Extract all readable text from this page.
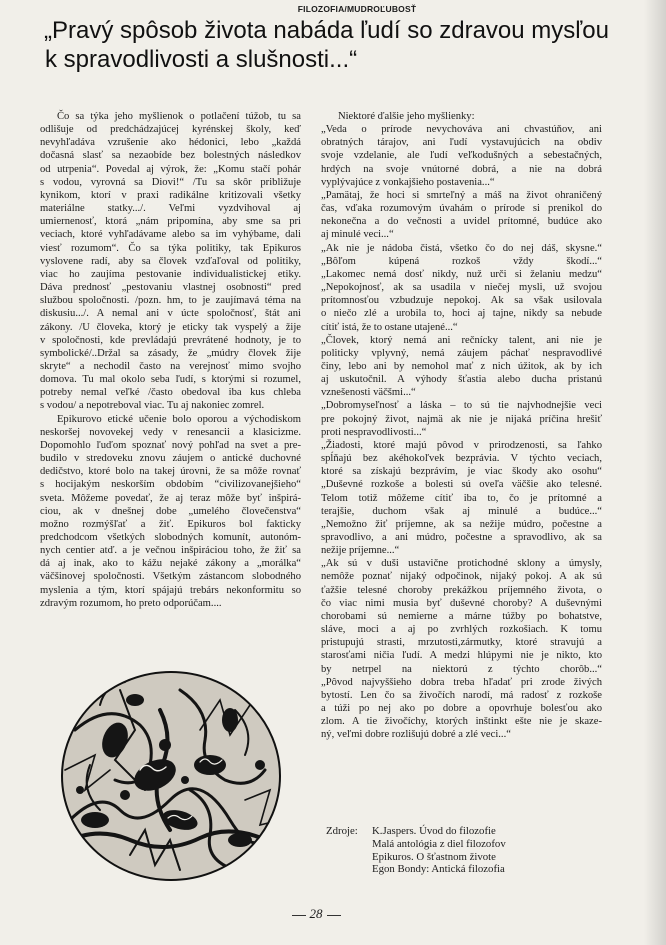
FILOZOFIA/MUDROĽUBOSŤ
„Pravý spôsob života nabáda ľudí so zdravou mysľou
k spravodlivosti a slušnosti...“

Čo sa týka jeho myšlienok o potlačení túžob, tu sa
odlišuje od predchádzajúcej kyrénskej školy, keď
nevyhľadáva vzrušenie ako hédonici, lebo „každá
dočasná slasť sa nezaobíde bez bolestných následkov
od utrpenia“. Povedal aj výrok, že: „Komu stačí pohár
s vodou, vyrovná sa Diovi!“ /Tu sa skôr približuje
kynikom, ktorí v praxi radikálne kritizovali všetky
materiálne statky.../. Veľmi vyzdvihoval aj
umiernenosť, ktorá „nám pripomína, aby sme sa pri
veciach, ktoré vyhľadávame alebo sa im vyhýbame, dali
viesť rozumom“. Čo sa týka politiky, tak Epikuros
vyslovene radí, aby sa človek vzďaľoval od politiky,
viac ho zaujíma pestovanie individualistickej etiky.
Dáva prednosť „pestovaniu vlastnej osobnosti“ pred
službou spoločnosti. /pozn. hm, to je zaujímavá téma na
diskusiu.../. A nemal ani v úcte spoločnosť, štát ani
zákony. /U človeka, ktorý je eticky tak vyspelý a žije
v spoločnosti, kde prevládajú prevrátené hodnoty, je to
symbolické/..Držal sa zásady, že „múdry človek žije
skryte“ a nechodil často na verejnosť mimo svojho
domova. Tu mal okolo seba ľudí, s ktorými si rozumel,
potreby nemal veľké /často obedoval iba kus chleba
s vodou/ a nepotreboval viac. Tu aj nakoniec zomrel.

Epikurovo etické učenie bolo oporou a východiskom
neskoršej novovekej vedy v renesancii a klasicizme.
Dopomohlo ľuďom spoznať nový pohľad na svet a pre-
budilo v stredoveku znovu záujem o antické duchovné
dedičstvo, ktoré bolo na takej úrovni, že sa môže rovnať
s hocijakým neskorším obdobím “civilizovanejšieho“
sveta. Môžeme povedať, že aj teraz môže byť inšpirá-
ciou, ak v dnešnej dobe „umelého človečenstva“
možno rozmýšľať a žiť. Epikuros bol fakticky
predchodcom všetkých slobodných komunít, autonóm-
nych centier atď. a je večnou inšpiráciou toho, že žiť sa
dá aj inak, ako to kážu nejaké zákony a „morálka“
väčšinovej spoločnosti. Všetkým zástancom slobodného
myslenia a tým, ktorí spájajú trebárs nekonformitu so
zdravým rozumom, ho preto odporúčam....

Niektoré ďalšie jeho myšlienky:

„Veda o prírode nevychováva ani chvastúňov, ani
obratných tárajov, ani ľudí vystavujúcich na obdiv
svoje vzdelanie, ale ľudí veľkodušných a sebestačných,
hrdých na svoje vnútorné dobrá, a nie na dobrá
vyplývajúce z vonkajšieho postavenia...“

„Pamätaj, že hoci si smrteľný a máš na život ohraničený
čas, vďaka rozumovým úvahám o prírode si prenikol do
nekonečna a do večnosti a uvidel prítomné, budúce ako
aj minulé veci...“

„Ak nie je nádoba čistá, všetko čo do nej dáš, skysne.“
„Bôľom kúpená rozkoš vždy škodí...“
„Lakomec nemá dosť nikdy, nuž urči si želaniu medzu“
„Nepokojnosť, ak sa usadila v niečej mysli, už svojou
prítomnosťou vzbudzuje nepokoj. Ak sa však usilovala
o niečo zlé a urobila to, hoci aj tajne, nikdy sa nebude
cítiť istá, že to ostane utajené...“

„Človek, ktorý nemá ani rečnícky talent, ani nie je
politicky vplyvný, nemá záujem páchať nespravodlivé
činy, lebo ani by nemohol mať z nich úžitok, ak by ich
aj uskutočnil. A výhody šťastia alebo ducha pristanú
vznešenosti väčšmi...“

„Dobromyseľnosť a láska – to sú tie najvhodnejšie veci
pre pokojný život, najmä ak nie je nijaká príčina hrešiť
proti nespravodlivosti...“

„Žiadosti, ktoré majú pôvod v prirodzenosti, sa ľahko
spĺňajú bez akéhokoľvek bezprávia. V týchto veciach,
ktoré sa získajú bezprávím, je viac škody ako osohu“
„Duševné rozkoše a bolesti sú oveľa väčšie ako telesné.
Telom totiž môžeme cítiť iba to, čo je prítomné a
terajšie, duchom však aj minulé a budúce...“
„Nemožno žiť príjemne, ak sa nežije múdro, počestne a
spravodlivo, a ani múdro, počestne a spravodlivo, ak sa
nežije príjemne...“

„Ak sú v duši ustavične protichodné sklony a úmysly,
nemôže poznať nijaký odpočinok, nijaký pokoj. A ak sú
ťažšie telesné choroby prekážkou príjemného života, o
čo viac nimi musia byť duševné choroby? A duševnými
chorobami sú nemierne a márne túžby po bohatstve,
sláve, moci a aj po zvrhlých rozkošiach. K tomu
pristupujú strasti, mrzutosti,zármutky, ktoré stravujú a
starosťami ničia ľudí. A medzi hlúpymi nie je nikto, kto
by netrpel na niektorú z týchto chorôb...“
„Pôvod najvyššieho dobra treba hľadať pri zrode živých
bytostí. Len čo sa živočích narodí, má radosť z rozkoše
a túži po nej ako po dobre a opovrhuje bolesťou ako
zlom. A tie živočíchy, ktorých inštinkt ešte nie je skaze-
ný, veľmi dobre rozlišujú dobré a zlé veci...“

Zdroje: K.Jaspers. Úvod do filozofie
Malá antológia z diel filozofov
Epikuros. O šťastnom živote
Egon Bondy: Antická filozofia
28
